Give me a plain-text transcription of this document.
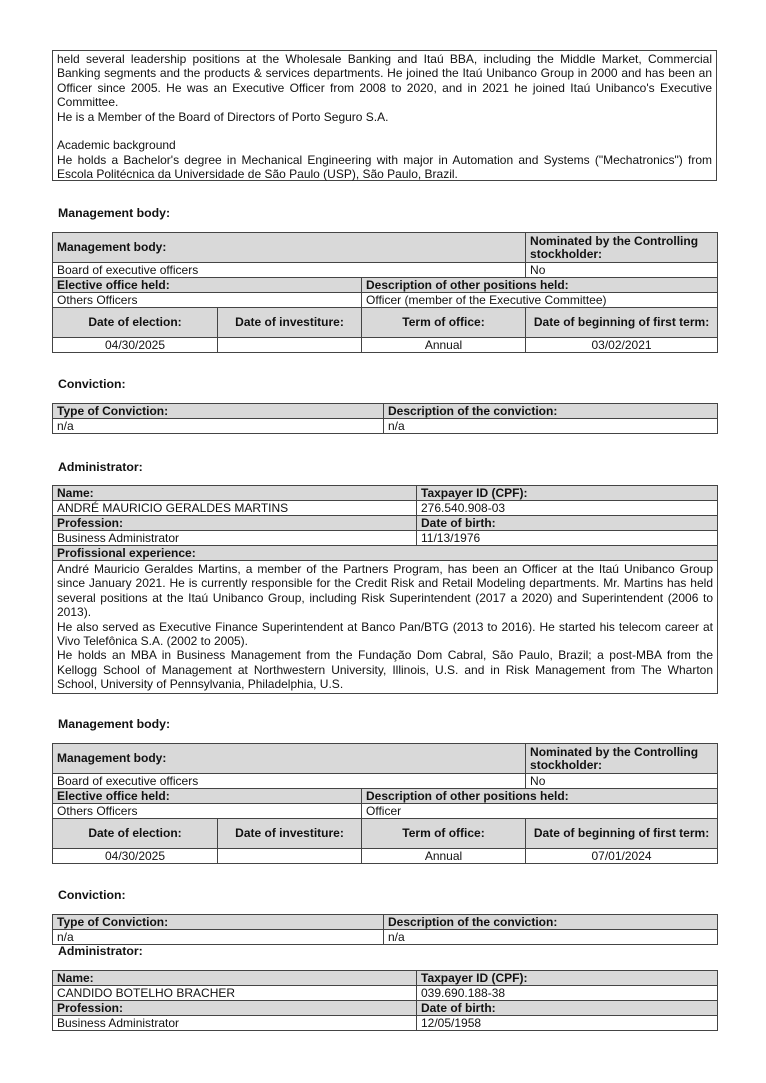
held several leadership positions at the Wholesale Banking and Itaú BBA, including the Middle Market, Commercial Banking segments and the products & services departments. He joined the Itaú Unibanco Group in 2000 and has been an Officer since 2005. He was an Executive Officer from 2008 to 2020, and in 2021 he joined Itaú Unibanco's Executive Committee.

He is a Member of the Board of Directors of Porto Seguro S.A.

Academic background

He holds a Bachelor's degree in Mechanical Engineering with major in Automation and Systems ("Mechatronics") from Escola Politécnica da Universidade de São Paulo (USP), São Paulo, Brazil.

Management body:
Management body:			Nominated by the Controlling stockholder:
Board of executive officers			No
Elective office held:		Description of other positions held:	
Others Officers		Officer (member of the Executive Committee)	
Date of election:	Date of investiture:	Term of office:	Date of beginning of first term:
04/30/2025		Annual	03/02/2021
Conviction:
Type of Conviction:	Description of the conviction:
n/a	n/a
Administrator:
Name:	Taxpayer ID (CPF):
ANDRÉ MAURICIO GERALDES MARTINS	276.540.908-03
Profession:	Date of birth:
Business Administrator	11/13/1976
Profissional experience:	

André Mauricio Geraldes Martins, a member of the Partners Program, has been an Officer at the Itaú Unibanco Group since January 2021. He is currently responsible for the Credit Risk and Retail Modeling departments. Mr. Martins has held several positions at the Itaú Unibanco Group, including Risk Superintendent (2017 a 2020) and Superintendent (2006 to 2013).

He also served as Executive Finance Superintendent at Banco Pan/BTG (2013 to 2016). He started his telecom career at Vivo Telefônica S.A. (2002 to 2005).

He holds an MBA in Business Management from the Fundação Dom Cabral, São Paulo, Brazil; a post-MBA from the Kellogg School of Management at Northwestern University, Illinois, U.S. and in Risk Management from The Wharton School, University of Pennsylvania, Philadelphia, U.S.	

Management body:
Management body:			Nominated by the Controlling stockholder:
Board of executive officers			No
Elective office held:		Description of other positions held:	
Others Officers		Officer	
Date of election:	Date of investiture:	Term of office:	Date of beginning of first term:
04/30/2025		Annual	07/01/2024
Conviction:
Type of Conviction:	Description of the conviction:
n/a	n/a
Administrator:
Name:	Taxpayer ID (CPF):
CANDIDO BOTELHO BRACHER	039.690.188-38
Profession:	Date of birth:
Business Administrator	12/05/1958
